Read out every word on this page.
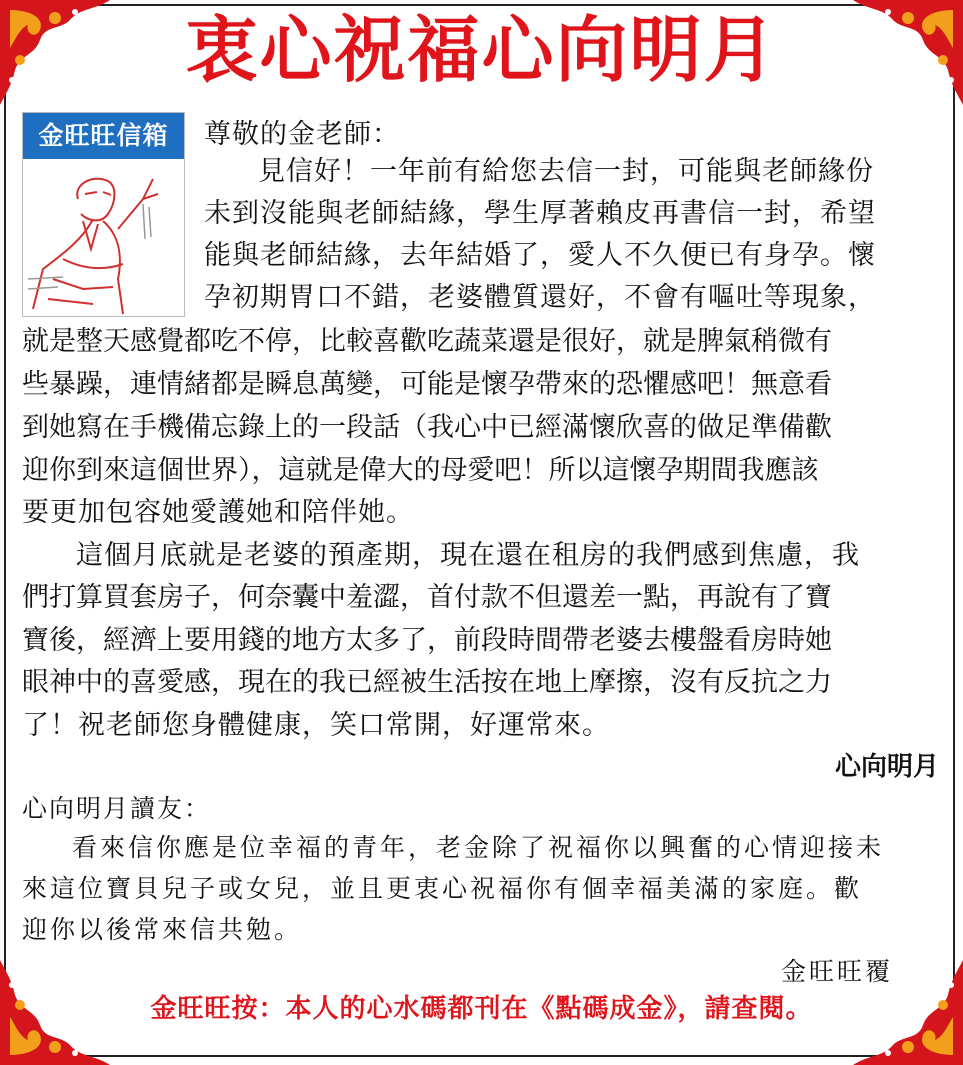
衷心祝福心向明月
金旺旺信箱	尊敬的金老師：
見信好！一年前有給您去信一封，可能與老師緣份
未到沒能與老師結緣，學生厚著賴皮再書信一封，希望
能與老師結緣，去年結婚了，愛人不久便已有身孕。懷
孕初期胃口不錯，老婆體質還好，不會有嘔吐等現象，
就是整天感覺都吃不停，比較喜歡吃蔬菜還是很好，就是脾氣稍微有
些暴躁，連情緒都是瞬息萬變，可能是懷孕帶來的恐懼感吧！無意看
到她寫在手機備忘錄上的一段話（我心中已經滿懷欣喜的做足準備歡
迎你到來這個世界），這就是偉大的母愛吧！所以這懷孕期間我應該
要更加包容她愛護她和陪伴她。
這個月底就是老婆的預產期，現在還在租房的我們感到焦慮，我
們打算買套房子，何奈囊中羞澀，首付款不但還差一點，再說有了寶
寶後，經濟上要用錢的地方太多了，前段時間帶老婆去樓盤看房時她
眼神中的喜愛感，現在的我已經被生活按在地上摩擦，沒有反抗之力
了！祝老師您身體健康，笑口常開，好運常來。
心向明月
心向明月讀友：
看來信你應是位幸福的青年，老金除了祝福你以興奮的心情迎接未
來這位寶貝兒子或女兒，並且更衷心祝福你有個幸福美滿的家庭。歡
迎你以後常來信共勉。
金旺旺覆
金旺旺按：本人的心水碼都刊在《點碼成金》，請查閱。
